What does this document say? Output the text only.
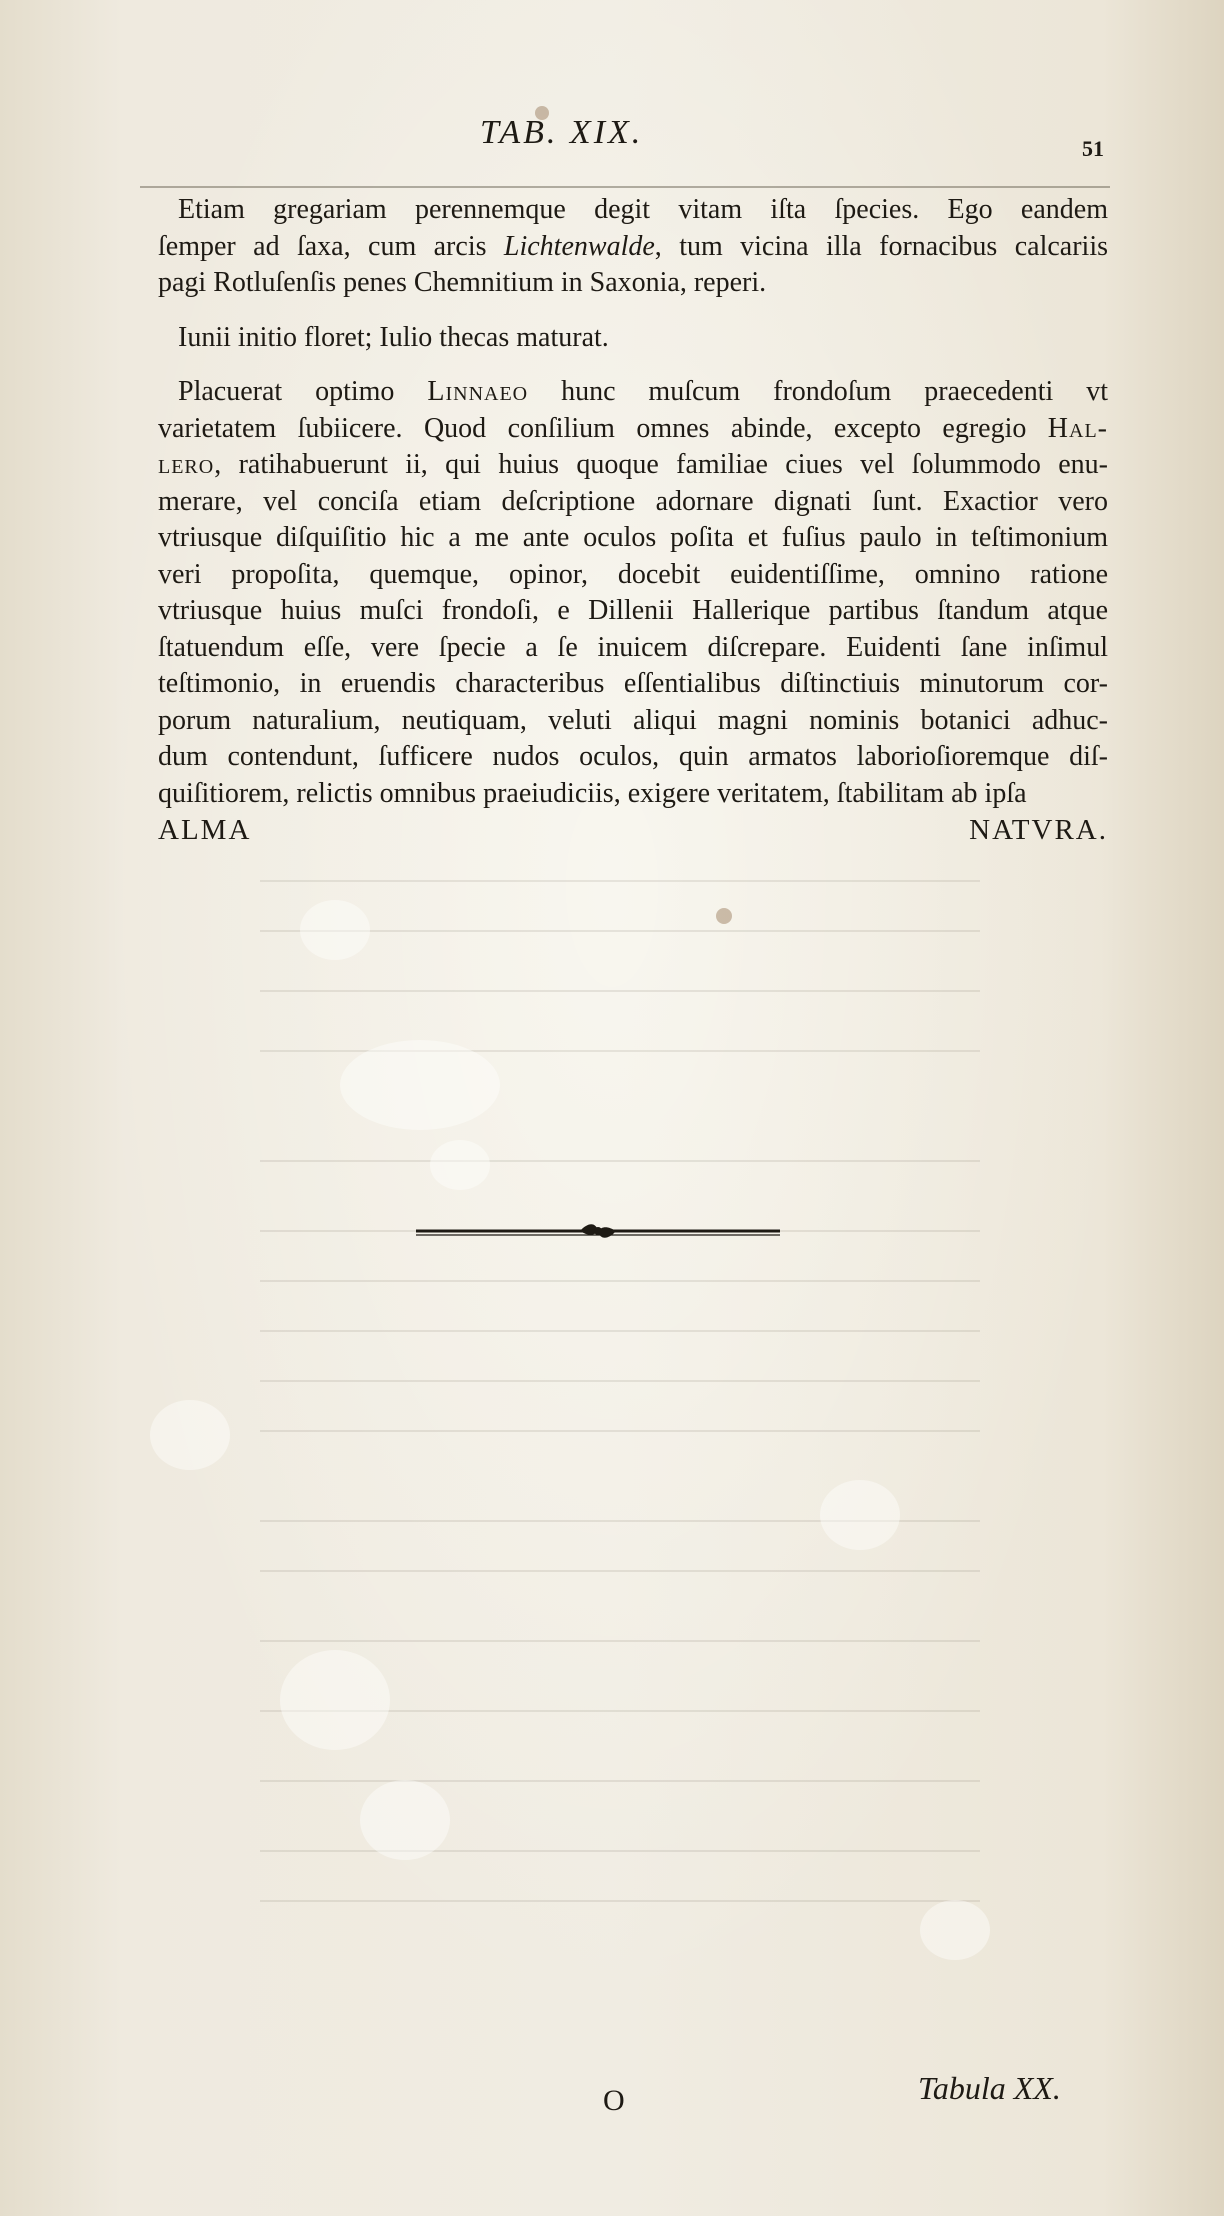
TAB. XIX.	51
Etiam gregariam perennemque degit vitam iſta ſpecies. Ego eandem
ſemper ad ſaxa, cum arcis Lichtenwalde, tum vicina illa fornacibus calcariis
pagi Rotluſenſis penes Chemnitium in Saxonia, reperi.
Iunii initio floret; Iulio thecas maturat.
Placuerat optimo Linnaeo hunc muſcum frondoſum praecedenti vt
varietatem ſubiicere. Quod conſilium omnes abinde, excepto egregio Hal-
lero, ratihabuerunt ii, qui huius quoque familiae ciues vel ſolummodo enu-
merare, vel conciſa etiam deſcriptione adornare dignati ſunt. Exactior vero
vtriusque diſquiſitio hic a me ante oculos poſita et fuſius paulo in teſtimonium
veri propoſita, quemque, opinor, docebit euidentiſſime, omnino ratione
vtriusque huius muſci frondoſi, e Dillenii Hallerique partibus ſtandum atque
ſtatuendum eſſe, vere ſpecie a ſe inuicem diſcrepare. Euidenti ſane inſimul
teſtimonio, in eruendis characteribus eſſentialibus diſtinctiuis minutorum cor-
porum naturalium, neutiquam, veluti aliqui magni nominis botanici adhuc-
dum contendunt, ſufficere nudos oculos, quin armatos laborioſioremque diſ-
quiſitiorem, relictis omnibus praeiudiciis, exigere veritatem, ſtabilitam ab ipſa
ALMA NATVRA.
O	Tabula XX.
